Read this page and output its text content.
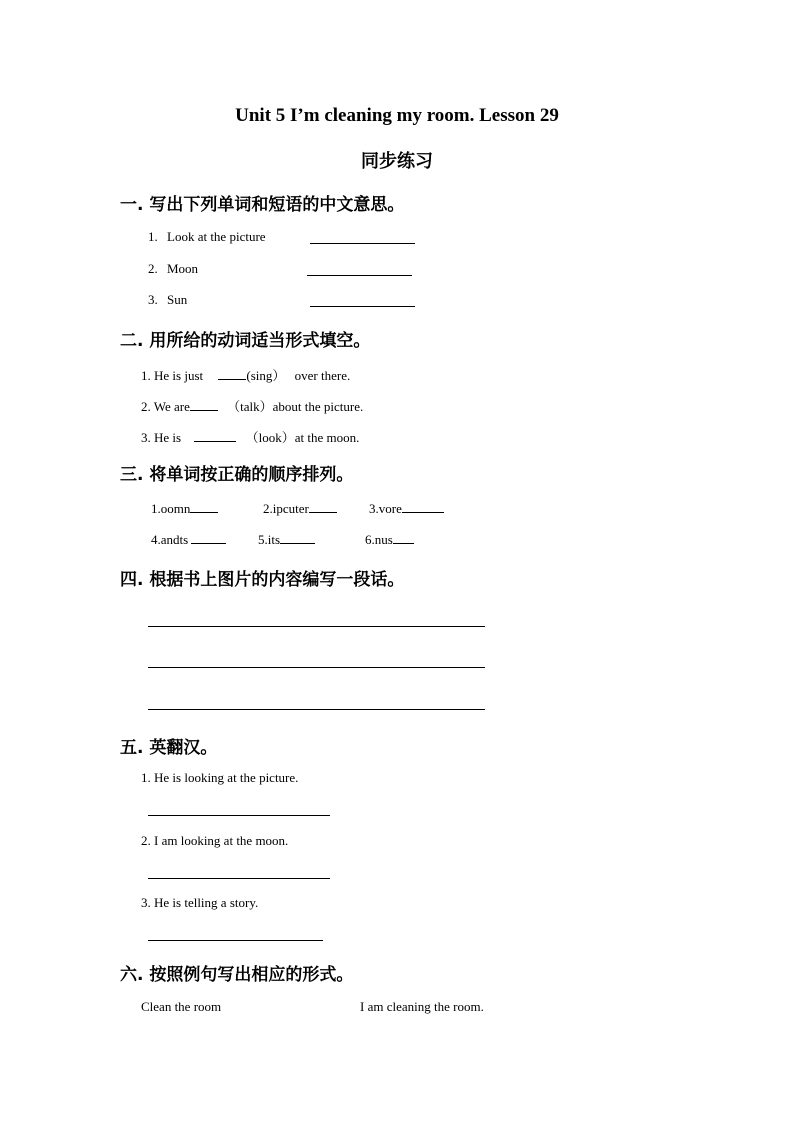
Unit 5 I’m cleaning my room. Lesson 29
同步练习
一. 写出下列单词和短语的中文意思。
1. Look at the picture
2. Moon
3. Sun
二. 用所给的动词适当形式填空。
1. He is just	(sing） over there.
2. We are	（talk）about the picture.
3. He is	（look）at the moon.
三. 将单词按正确的顺序排列。
1.oomn	2.ipcuter	3.vore
4.andts	5.its	6.nus
四. 根据书上图片的内容编写一段话。
五. 英翻汉。
1. He is looking at the picture.
2. I am looking at the moon.
3. He is telling a story.
六. 按照例句写出相应的形式。
Clean the room	I am cleaning the room.
